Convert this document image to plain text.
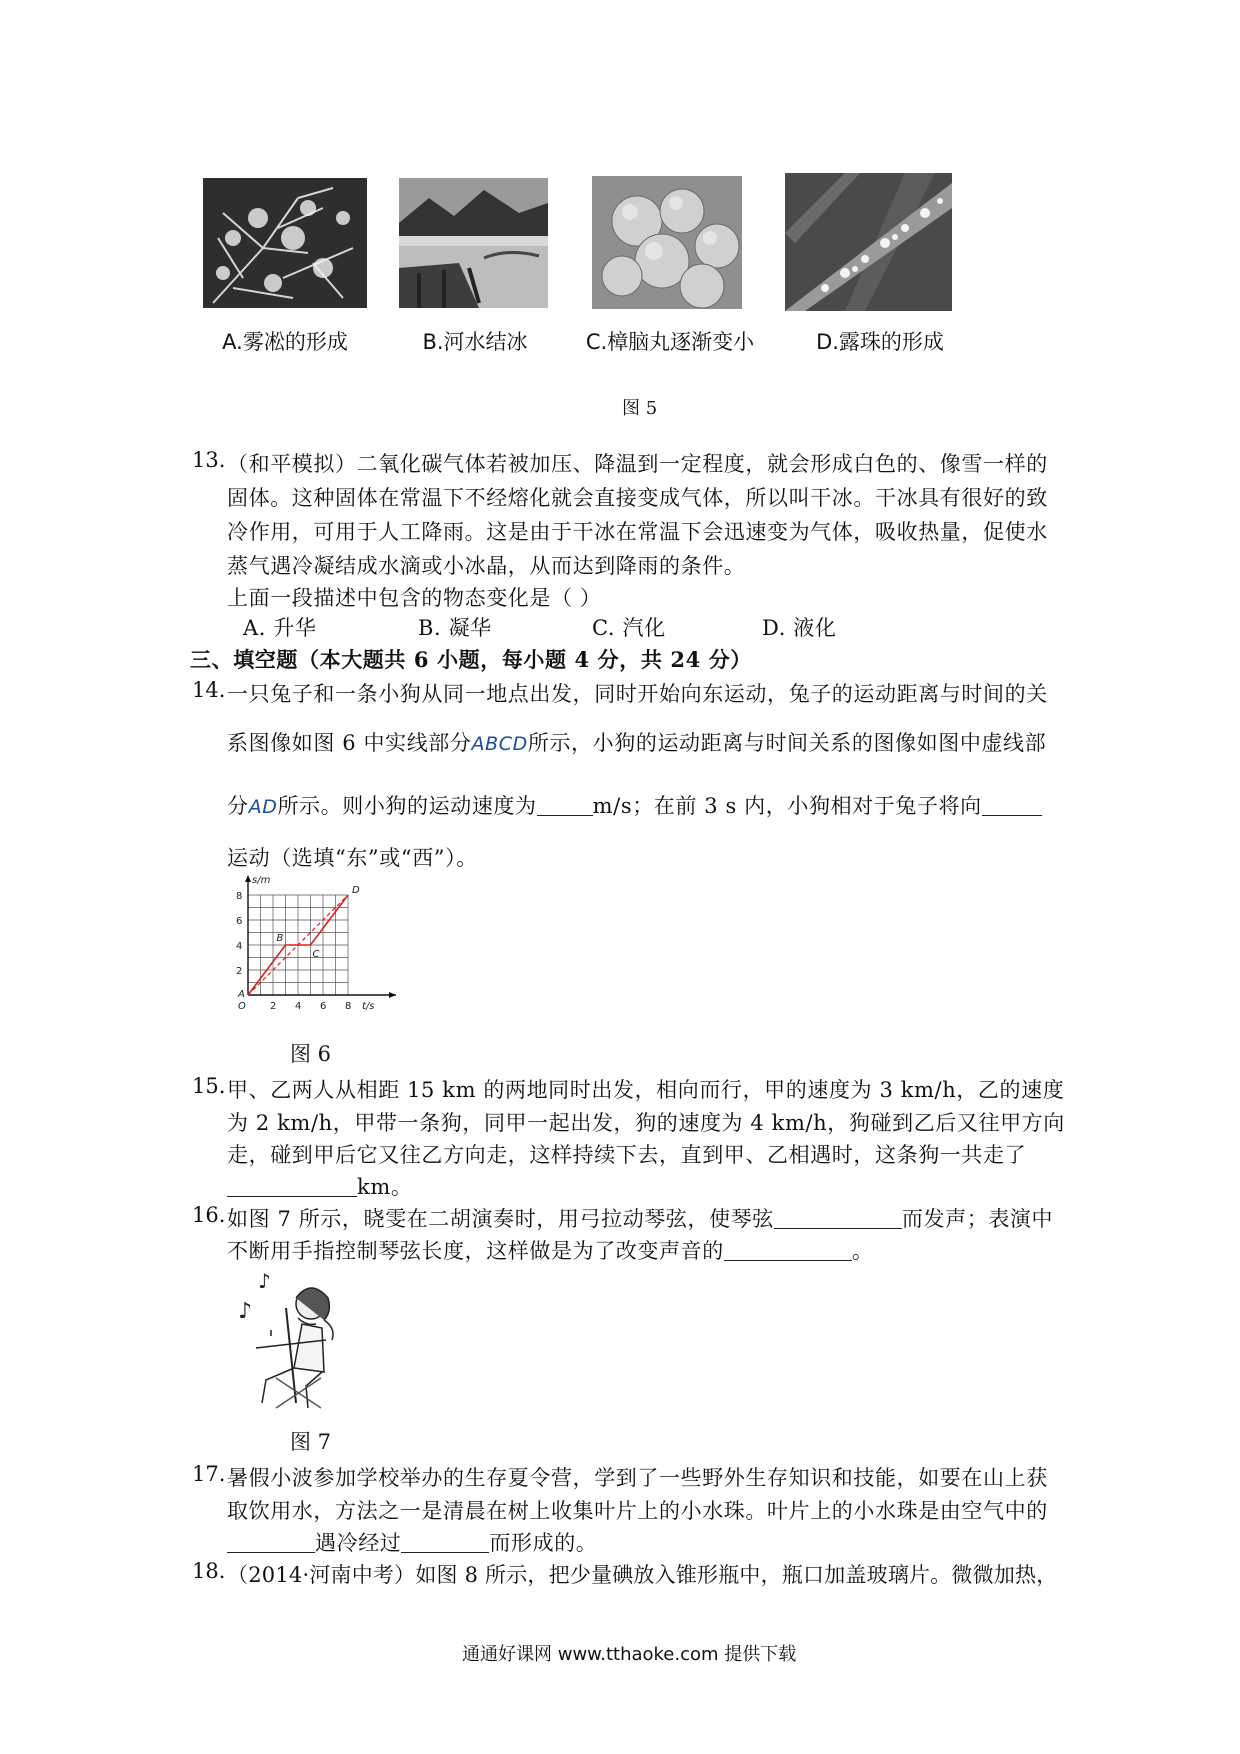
A.雾凇的形成	B.河水结冰	C.樟脑丸逐渐变小	D.露珠的形成
图 5
13. （和平模拟）二氧化碳气体若被加压、降温到一定程度，就会形成白色的、像雪一样的
固体。这种固体在常温下不经熔化就会直接变成气体，所以叫干冰。干冰具有很好的致
冷作用，可用于人工降雨。这是由于干冰在常温下会迅速变为气体，吸收热量，促使水
蒸气遇冷凝结成水滴或小冰晶，从而达到降雨的条件。
上面一段描述中包含的物态变化是（ ）
A. 升华	B. 凝华	C. 汽化	D. 液化
三、填空题（本大题共 6 小题，每小题 4 分，共 24 分）
14. 一只兔子和一条小狗从同一地点出发，同时开始向东运动，兔子的运动距离与时间的关
系图像如图 6 中实线部分ABCD所示，小狗的运动距离与时间关系的图像如图中虚线部
分AD所示。则小狗的运动速度为	m/s；在前 3 s 内，小狗相对于兔子将向
运动（选填“东”或“西”）。
s/m
t/s
O 2 4 6 8
2
4
6
8
A
B
C
D
图 6
15. 甲、乙两人从相距 15 km 的两地同时出发，相向而行，甲的速度为 3 km/h，乙的速度
为 2 km/h，甲带一条狗，同甲一起出发，狗的速度为 4 km/h，狗碰到乙后又往甲方向
走，碰到甲后它又往乙方向走，这样持续下去，直到甲、乙相遇时，这条狗一共走了
km。
16. 如图 7 所示，晓雯在二胡演奏时，用弓拉动琴弦，使琴弦	而发声；表演中
不断用手指控制琴弦长度，这样做是为了改变声音的	。
♪
♪
图 7
17. 暑假小波参加学校举办的生存夏令营，学到了一些野外生存知识和技能，如要在山上获
取饮用水，方法之一是清晨在树上收集叶片上的小水珠。叶片上的小水珠是由空气中的
遇冷经过	而形成的。
18. （2014·河南中考）如图 8 所示，把少量碘放入锥形瓶中，瓶口加盖玻璃片。微微加热，
通通好课网 www.tthaoke.com 提供下载
